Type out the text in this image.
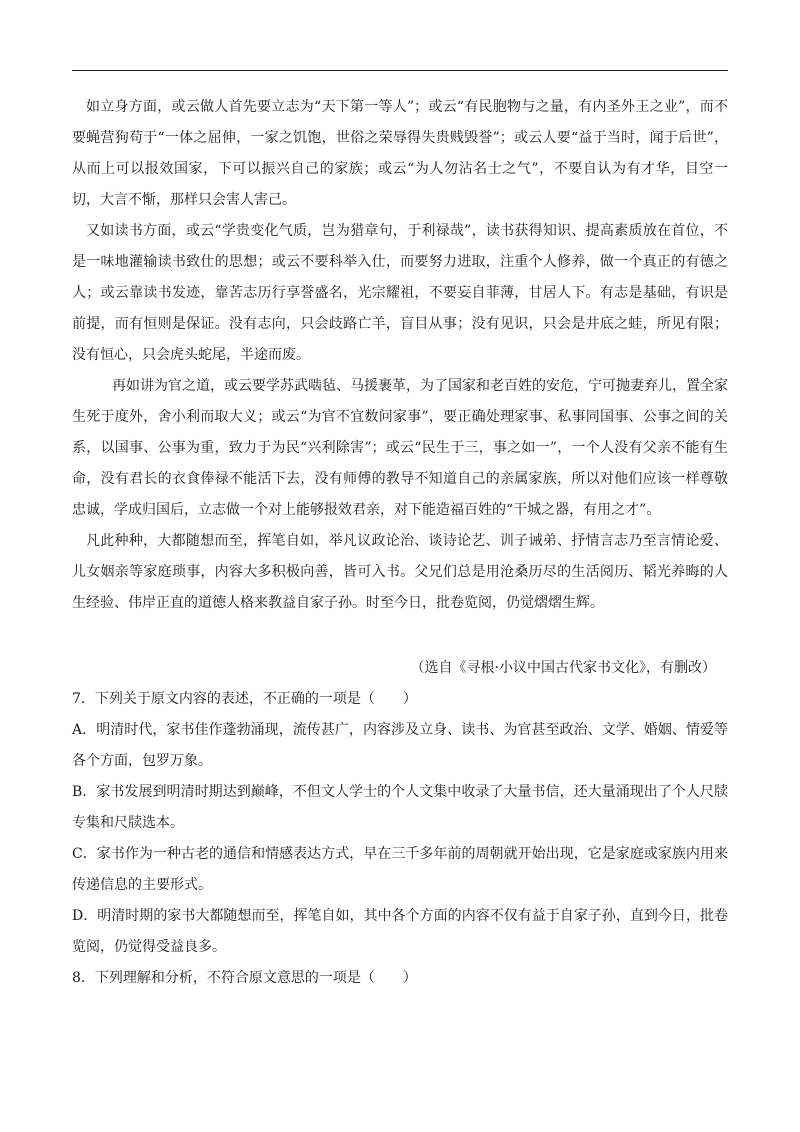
如立身方面，或云做人首先要立志为“天下第一等人”；或云“有民胞物与之量，有内圣外王之业”，而不要蝇营狗苟于“一体之屈伸，一家之饥饱，世俗之荣辱得失贵贱毁誉”；或云人要“益于当时，闻于后世”，从而上可以报效国家，下可以振兴自己的家族；或云“为人勿沾名士之气”，不要自认为有才华，目空一切，大言不惭，那样只会害人害己。

又如读书方面，或云“学贵变化气质，岂为猎章句，于利禄哉”，读书获得知识、提高素质放在首位，不是一味地灌输读书致仕的思想；或云不要科举入仕，而要努力进取，注重个人修养，做一个真正的有德之人；或云靠读书发迹，靠苦志历行享誉盛名，光宗耀祖，不要妄自菲薄，甘居人下。有志是基础，有识是前提，而有恒则是保证。没有志向，只会歧路亡羊，盲目从事；没有见识，只会是井底之蛙，所见有限；没有恒心，只会虎头蛇尾，半途而废。

再如讲为官之道，或云要学苏武啮毡、马援裹革，为了国家和老百姓的安危，宁可抛妻弃儿，置全家生死于度外，舍小利而取大义；或云“为官不宜数问家事”，要正确处理家事、私事同国事、公事之间的关系，以国事、公事为重，致力于为民“兴利除害”；或云“民生于三，事之如一”，一个人没有父亲不能有生命，没有君长的衣食俸禄不能活下去，没有师傅的教导不知道自己的亲属家族，所以对他们应该一样尊敬忠诚，学成归国后，立志做一个对上能够报效君亲，对下能造福百姓的“干城之器，有用之才”。

凡此种种，大都随想而至，挥笔自如，举凡议政论治、谈诗论艺、训子诫弟、抒情言志乃至言情论爱、儿女姻亲等家庭琐事，内容大多积极向善，皆可入书。父兄们总是用沧桑历尽的生活阅历、韬光养晦的人生经验、伟岸正直的道德人格来教益自家子孙。时至今日，批卷览阅，仍觉熠熠生辉。

（选自《寻根·小议中国古代家书文化》，有删改）

7．下列关于原文内容的表述，不正确的一项是（　　）

A．明清时代，家书佳作蓬勃涌现，流传甚广，内容涉及立身、读书、为官甚至政治、文学、婚姻、情爱等各个方面，包罗万象。

B．家书发展到明清时期达到巅峰，不但文人学士的个人文集中收录了大量书信，还大量涌现出了个人尺牍专集和尺牍选本。

C．家书作为一种古老的通信和情感表达方式，早在三千多年前的周朝就开始出现，它是家庭或家族内用来传递信息的主要形式。

D．明清时期的家书大都随想而至，挥笔自如，其中各个方面的内容不仅有益于自家子孙，直到今日，批卷览阅，仍觉得受益良多。

8．下列理解和分析，不符合原文意思的一项是（　　）
